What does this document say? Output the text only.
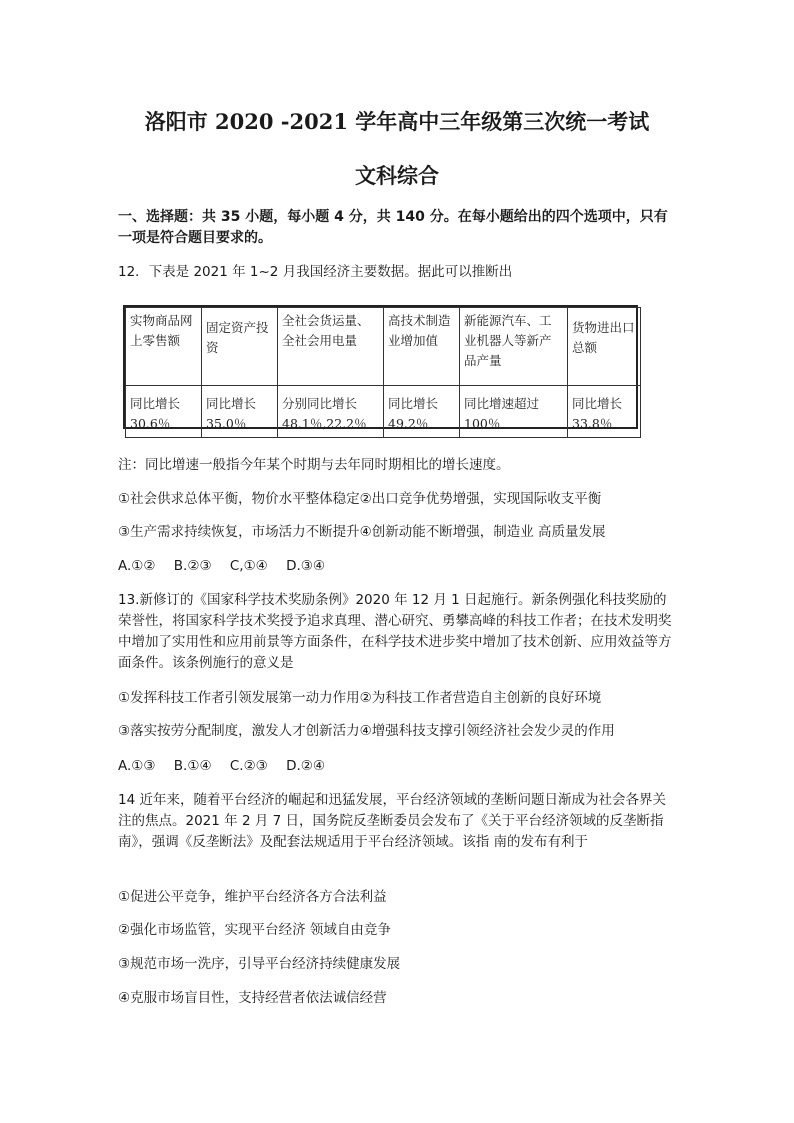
洛阳市 2020 -2021 学年高中三年级第三次统一考试
文科综合
一、选择题：共 35 小题，每小题 4 分，共 140 分。在每小题给出的四个选项中，只有一项是符合题目要求的。
12．下表是 2021 年 1~2 月我国经济主要数据。据此可以推断出
实物商品网上零售额	固定资产投资	全社会货运量、全社会用电量	高技术制造业增加值	新能源汽车、工业机器人等新产品产量	货物进出口总额
同比增长30.6％	同比增长35.0％	分别同比增长48.1％,22.2％	同比增长49.2％	同比增速超过100％	同比增长33.8％
注：同比增速一般指今年某个时期与去年同时期相比的增长速度。
①社会供求总体平衡，物价水平整体稳定②出口竞争优势增强，实现国际收支平衡
③生产需求持续恢复，市场活力不断提升④创新动能不断增强，制造业 高质量发展
A.①② B.②③ C,①④ D.③④
13.新修订的《国家科学技术奖励条例》2020 年 12 月 1 日起施行。新条例强化科技奖励的荣誉性，将国家科学技术奖授予追求真理、潜心研究、勇攀高峰的科技工作者；在技术发明奖中增加了实用性和应用前景等方面条件，在科学技术进步奖中增加了技术创新、应用效益等方面条件。该条例施行的意义是
①发挥科技工作者引领发展第一动力作用②为科技工作者营造自主创新的良好环境
③落实按劳分配制度，激发人才创新活力④增强科技支撑引领经济社会发少灵的作用
A.①③ B.①④ C.②③ D.②④
14 近年来，随着平台经济的崛起和迅猛发展，平台经济领域的垄断问题日渐成为社会各界关注的焦点。2021 年 2 月 7 日，国务院反垄断委员会发布了《关于平台经济领域的反垄断指南》，强调《反垄断法》及配套法规适用于平台经济领域。该指 南的发布有利于
①促进公平竞争，维护平台经济各方合法利益
②强化市场监管，实现平台经济 领域自由竞争
③规范市场一洗序，引导平台经济持续健康发展
④克服市场盲目性，支持经营者依法诚信经营
